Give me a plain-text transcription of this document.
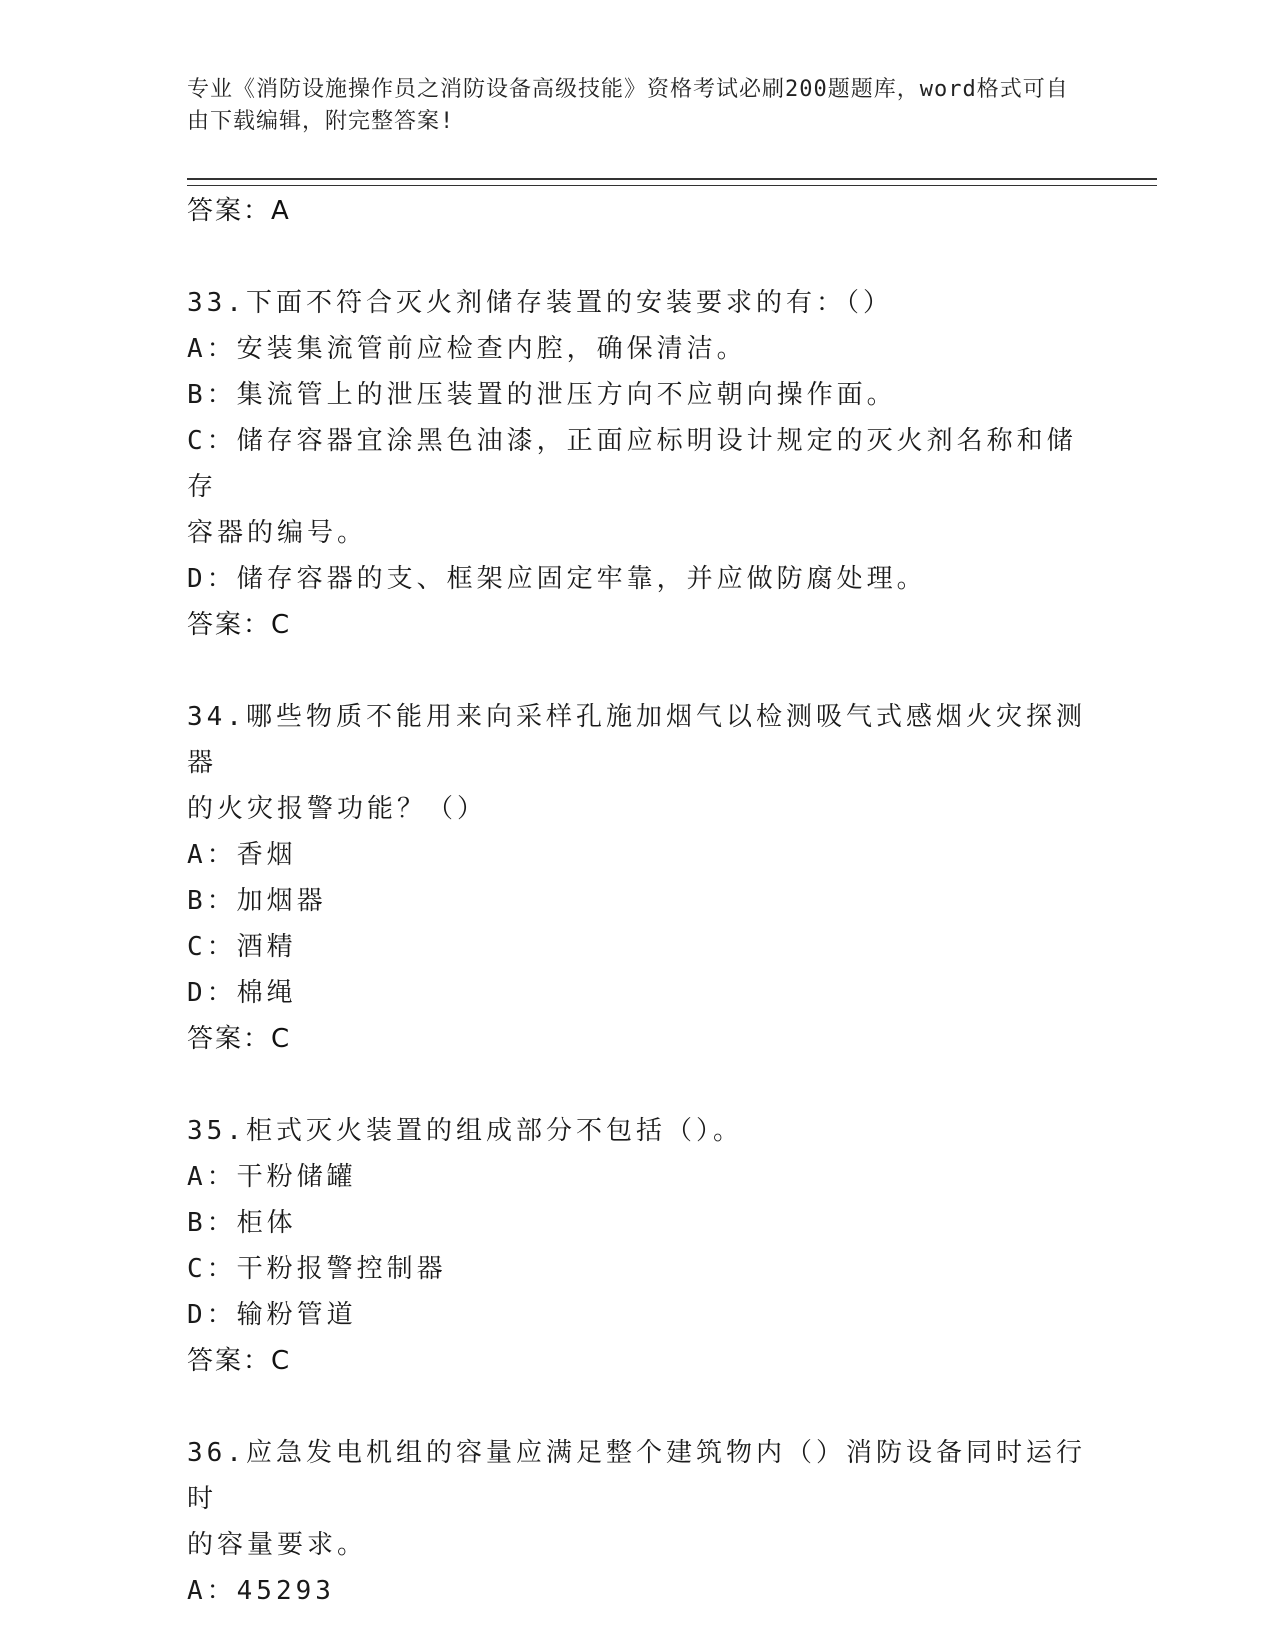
专业《消防设施操作员之消防设备高级技能》资格考试必刷200题题库，word格式可自由下载编辑，附完整答案!
答案：A
33.下面不符合灭火剂储存装置的安装要求的有：（）
A：安装集流管前应检查内腔，确保清洁。
B：集流管上的泄压装置的泄压方向不应朝向操作面。
C：储存容器宜涂黑色油漆，正面应标明设计规定的灭火剂名称和储存
容器的编号。
D：储存容器的支、框架应固定牢靠，并应做防腐处理。
答案：C
34.哪些物质不能用来向采样孔施加烟气以检测吸气式感烟火灾探测器
的火灾报警功能？（）
A：香烟
B：加烟器
C：酒精
D：棉绳
答案：C
35.柜式灭火装置的组成部分不包括（）。
A：干粉储罐
B：柜体
C：干粉报警控制器
D：输粉管道
答案：C
36.应急发电机组的容量应满足整个建筑物内（）消防设备同时运行时
的容量要求。
A：45293
